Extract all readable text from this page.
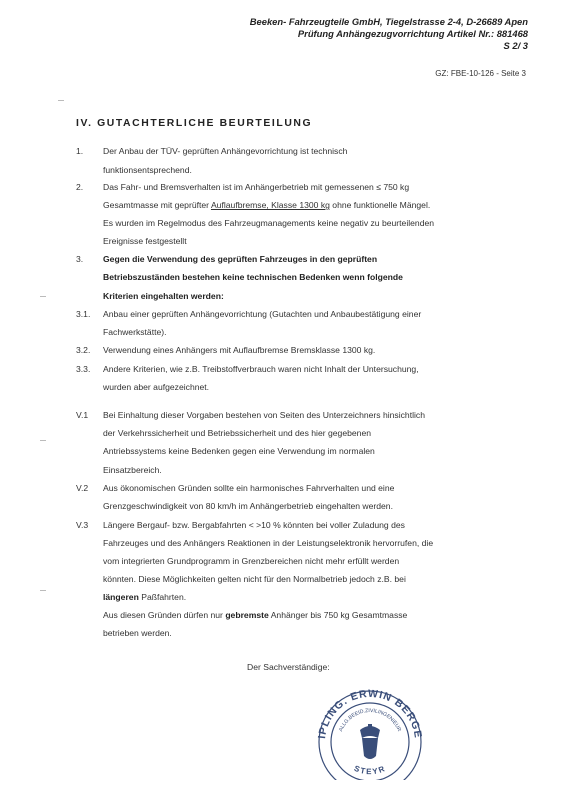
Beeken- Fahrzeugteile GmbH, Tiegelstrasse 2-4, D-26689 Apen
Prüfung Anhängezugvorrichtung Artikel Nr.: 881468
S 2/ 3
GZ: FBE-10-126 - Seite 3
IV. GUTACHTERLICHE BEURTEILUNG
1. Der Anbau der TÜV- geprüften Anhängevorrichtung ist technisch
funktionsentsprechend.
2. Das Fahr- und Bremsverhalten ist im Anhängerbetrieb mit gemessenen ≤ 750 kg
Gesamtmasse mit geprüfter Auflaufbremse, Klasse 1300 kg ohne funktionelle Mängel.
Es wurden im Regelmodus des Fahrzeugmanagements keine negativ zu beurteilenden
Ereignisse festgestellt
3. Gegen die Verwendung des geprüften Fahrzeuges in den geprüften
Betriebszuständen bestehen keine technischen Bedenken wenn folgende
Kriterien eingehalten werden:
3.1. Anbau einer geprüften Anhängevorrichtung (Gutachten und Anbaubestätigung einer
Fachwerkstätte).
3.2. Verwendung eines Anhängers mit Auflaufbremse Bremsklasse 1300 kg.
3.3. Andere Kriterien, wie z.B. Treibstoffverbrauch waren nicht Inhalt der Untersuchung,
wurden aber aufgezeichnet.
V.1 Bei Einhaltung dieser Vorgaben bestehen von Seiten des Unterzeichners hinsichtlich
der Verkehrssicherheit und Betriebssicherheit und des hier gegebenen
Antriebssystems keine Bedenken gegen eine Verwendung im normalen
Einsatzbereich.
V.2 Aus ökonomischen Gründen sollte ein harmonisches Fahrverhalten und eine
Grenzgeschwindigkeit von 80 km/h im Anhängerbetrieb eingehalten werden.
V.3 Längere Bergauf- bzw. Bergabfahrten < >10 % könnten bei voller Zuladung des
Fahrzeuges und des Anhängers Reaktionen in der Leistungselektronik hervorrufen, die
vom integrierten Grundprogramm in Grenzbereichen nicht mehr erfüllt werden
könnten. Diese Möglichkeiten gelten nicht für den Normalbetrieb jedoch z.B. bei
längeren Paßfahrten.
Aus diesen Gründen dürfen nur gebremste Anhänger bis 750 kg Gesamtmasse
betrieben werden.
Der Sachverständige:
IPLING. ERWIN BERGE
ALLG.BEEID.ZIVILINGENIEUR
STEYR
